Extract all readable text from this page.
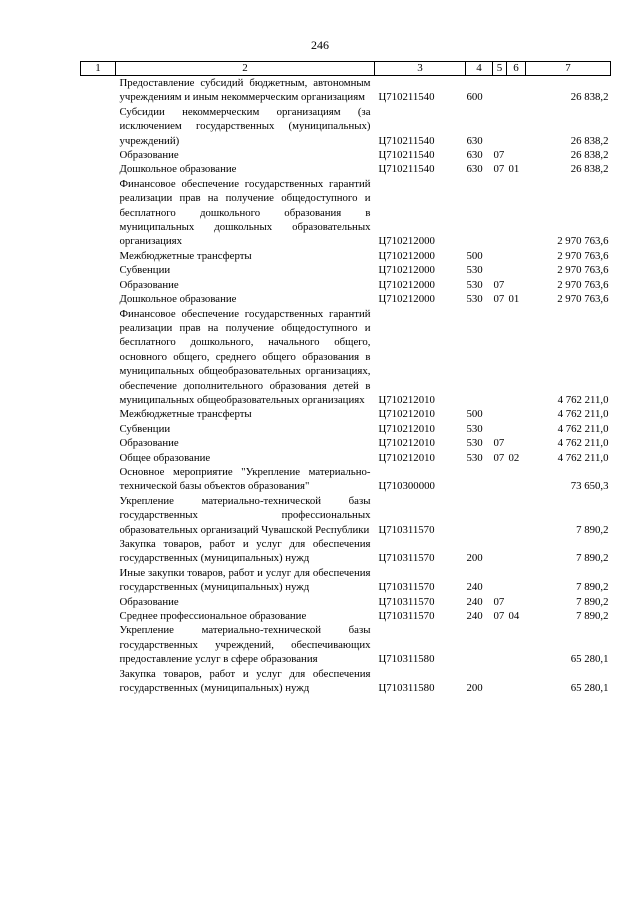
246
1	2	3	4	5	6	7
	Предоставление субсидий бюджетным, автономным учреждениям и иным некоммерческим организациям	Ц710211540	600			26 838,2
	Субсидии некоммерческим организациям (за исключением государственных (муниципальных) учреждений)	Ц710211540	630			26 838,2
	Образование	Ц710211540	630	07		26 838,2
	Дошкольное образование	Ц710211540	630	07	01	26 838,2
	Финансовое обеспечение государственных гарантий реализации прав на получение общедоступного и бесплатного дошкольного образования в муниципальных дошкольных образовательных организациях	Ц710212000				2 970 763,6
	Межбюджетные трансферты	Ц710212000	500			2 970 763,6
	Субвенции	Ц710212000	530			2 970 763,6
	Образование	Ц710212000	530	07		2 970 763,6
	Дошкольное образование	Ц710212000	530	07	01	2 970 763,6
	Финансовое обеспечение государственных гарантий реализации прав на получение общедоступного и бесплатного дошкольного, начального общего, основного общего, среднего общего образования в муниципальных общеобразовательных организациях, обеспечение дополнительного образования детей в муниципальных общеобразовательных организациях	Ц710212010				4 762 211,0
	Межбюджетные трансферты	Ц710212010	500			4 762 211,0
	Субвенции	Ц710212010	530			4 762 211,0
	Образование	Ц710212010	530	07		4 762 211,0
	Общее образование	Ц710212010	530	07	02	4 762 211,0
	Основное мероприятие "Укрепление материально-технической базы объектов образования"	Ц710300000				73 650,3
	Укрепление материально-технической базы государственных профессиональных образовательных организаций Чувашской Республики	Ц710311570				7 890,2
	Закупка товаров, работ и услуг для обеспечения государственных (муниципальных) нужд	Ц710311570	200			7 890,2
	Иные закупки товаров, работ и услуг для обеспечения государственных (муниципальных) нужд	Ц710311570	240			7 890,2
	Образование	Ц710311570	240	07		7 890,2
	Среднее профессиональное образование	Ц710311570	240	07	04	7 890,2
	Укрепление материально-технической базы государственных учреждений, обеспечивающих предоставление услуг в сфере образования	Ц710311580				65 280,1
	Закупка товаров, работ и услуг для обеспечения государственных (муниципальных) нужд	Ц710311580	200			65 280,1
